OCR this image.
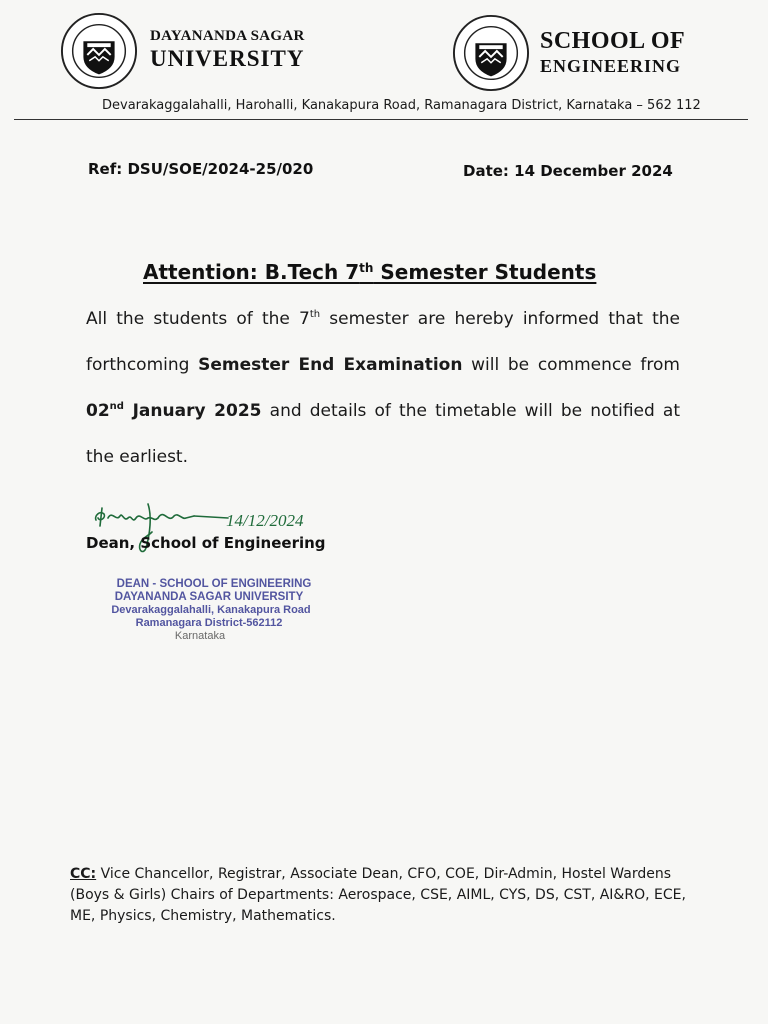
DAYANANDA SAGAR
UNIVERSITY
SCHOOL OF
ENGINEERING
Devarakaggalahalli, Harohalli, Kanakapura Road, Ramanagara District, Karnataka – 562 112
Ref: DSU/SOE/2024-25/020	Date: 14 December 2024
Attention: B.Tech 7th Semester Students
All the students of the 7th semester are hereby informed that the
forthcoming Semester End Examination will be commence from
02nd January 2025 and details of the timetable will be notified at
the earliest.
14/12/2024
Dean, School of Engineering
DEAN - SCHOOL OF ENGINEERING
DAYANANDA SAGAR UNIVERSITY
Devarakaggalahalli, Kanakapura Road
Ramanagara District-562112
Karnataka
CC: Vice Chancellor, Registrar, Associate Dean, CFO, COE, Dir-Admin, Hostel Wardens
(Boys & Girls) Chairs of Departments: Aerospace, CSE, AIML, CYS, DS, CST, AI&RO, ECE,
ME, Physics, Chemistry, Mathematics.
